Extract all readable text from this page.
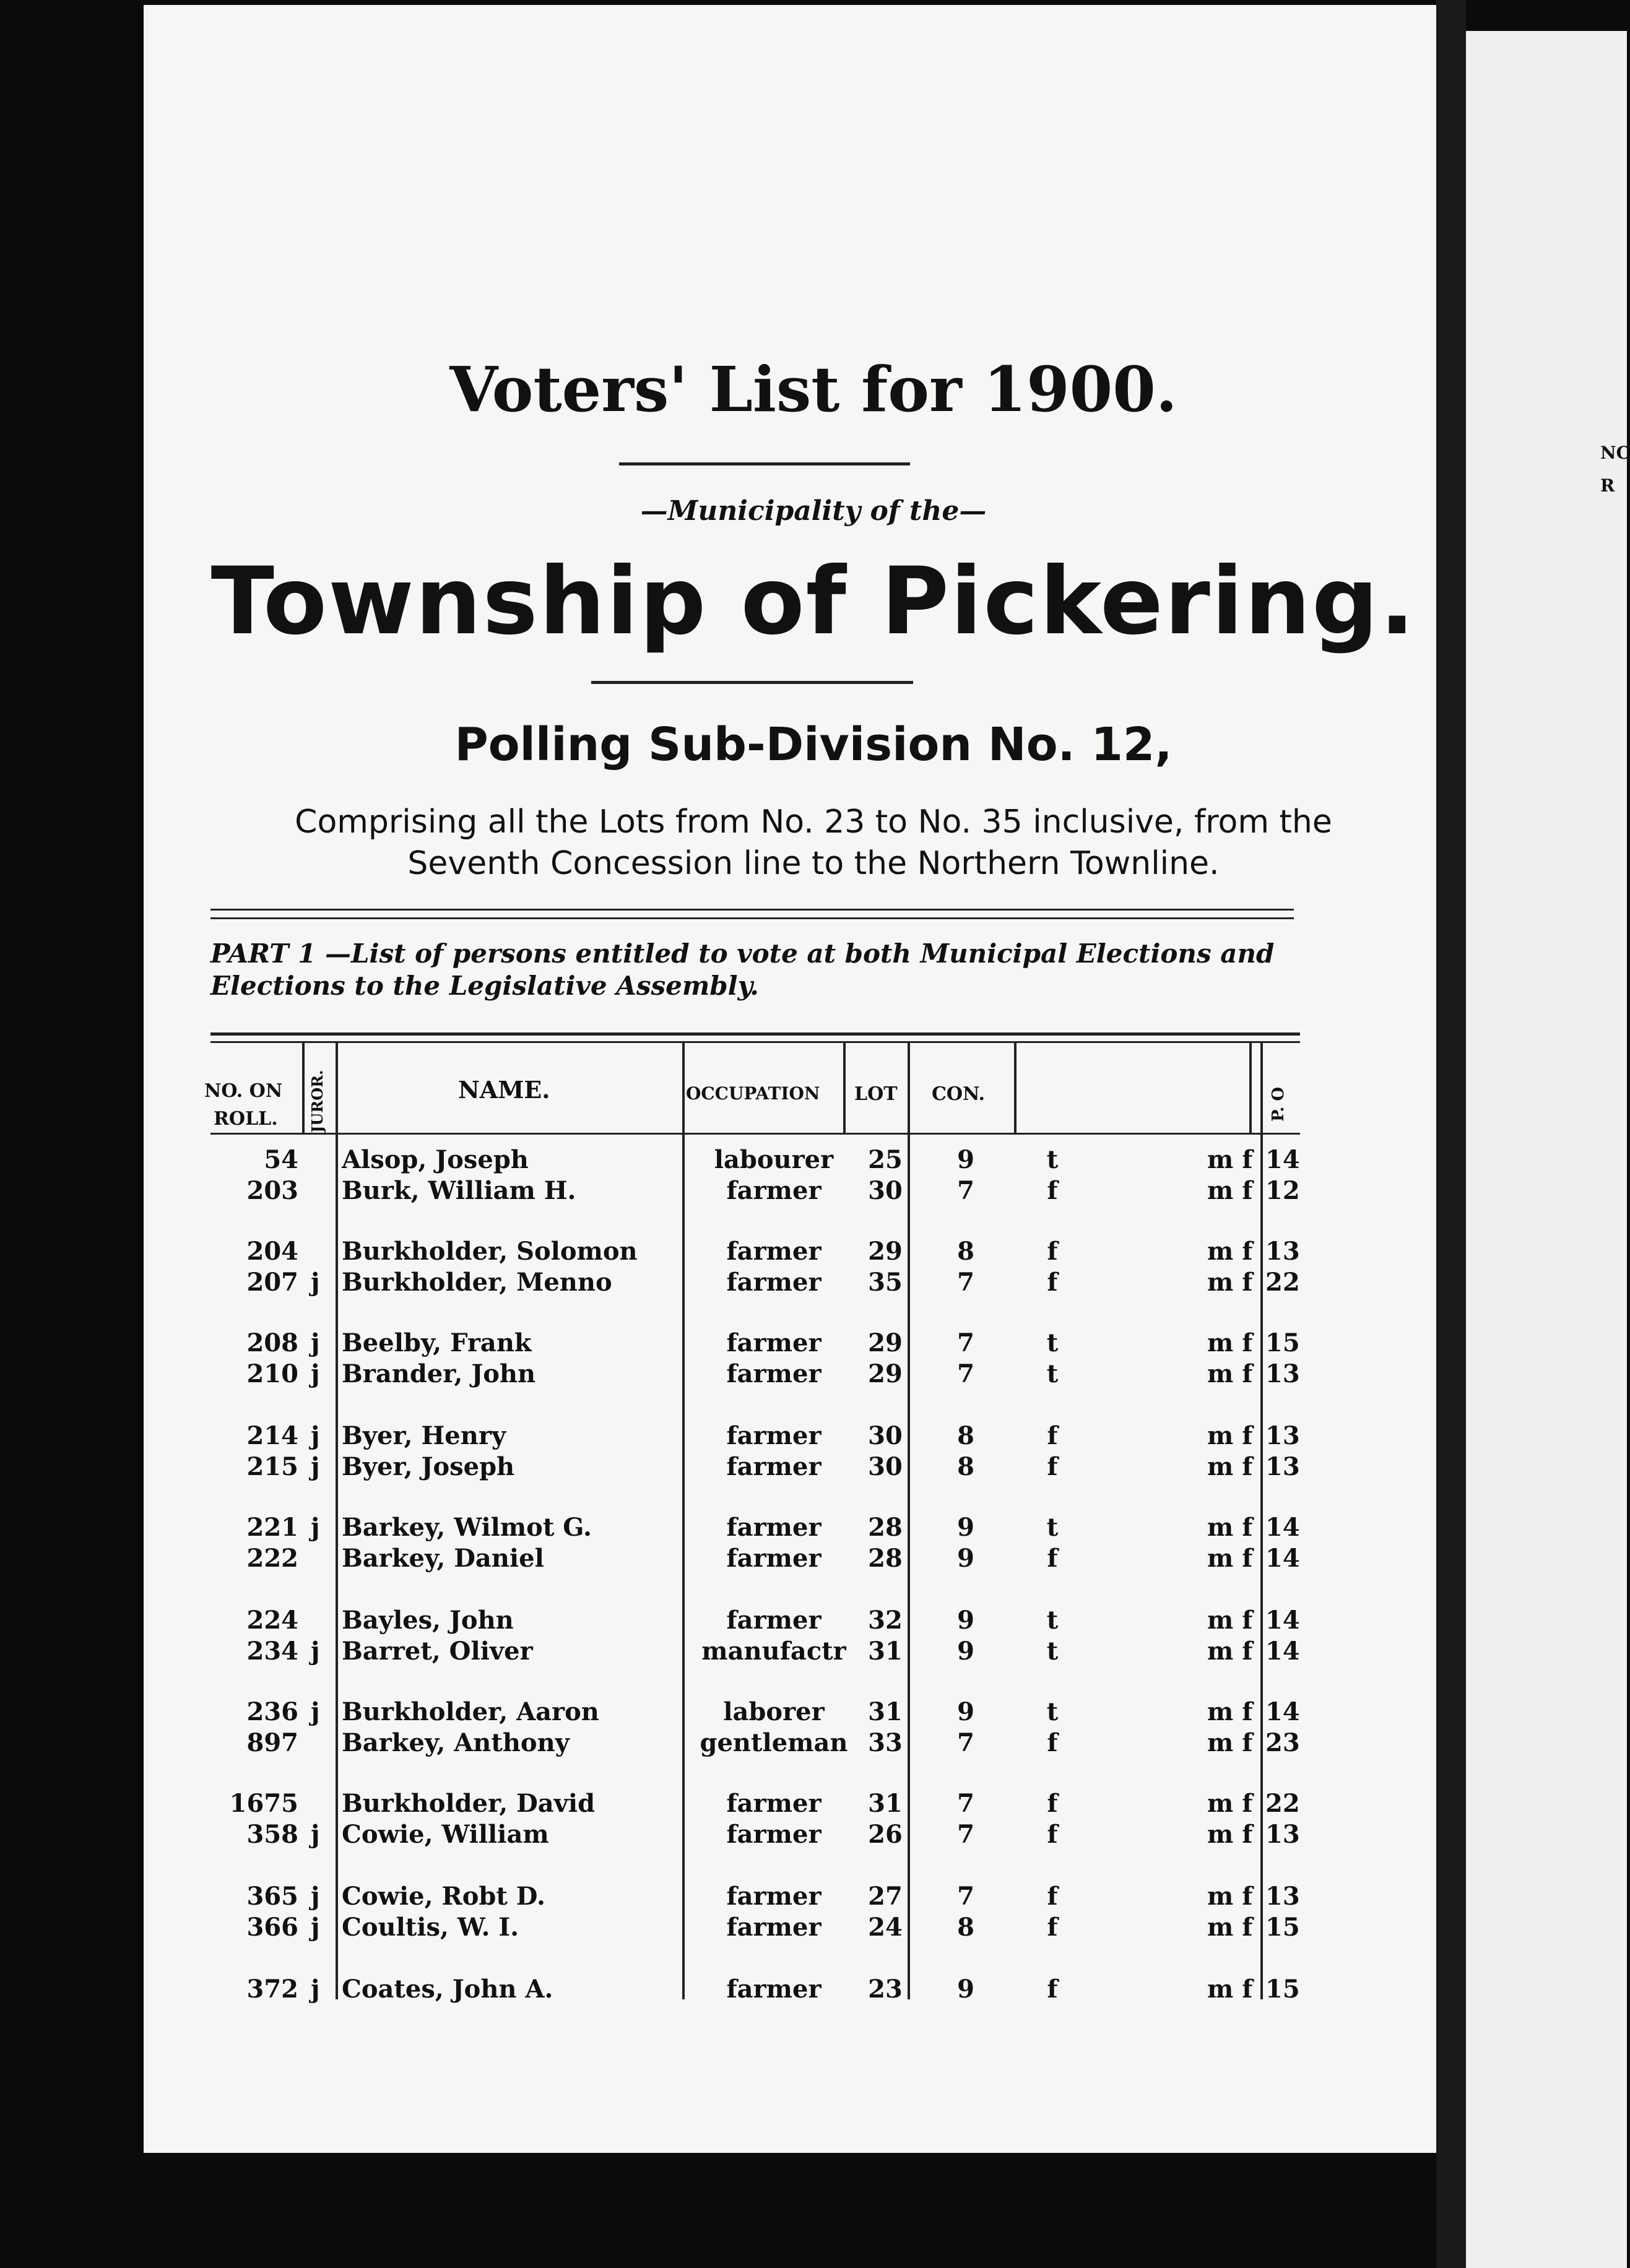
NC
R
Voters' List for 1900.
—Municipality of the—
Township of Pickering.
Polling Sub-Division No. 12,
Comprising all the Lots from No. 23 to No. 35 inclusive, from the
Seventh Concession line to the Northern Townline.
PART 1 —List of persons entitled to vote at both Municipal Elections and Elections to the Legislative Assembly.
NO. ON
ROLL. JUROR.	NAME.	OCCUPATION LOT CON.	P. O
54 Alsop, Joseph	labourer	25	9	t	m f 14
203 Burk, William H.	farmer	30	7	f	m f 12
204 Burkholder, Solomon	farmer	29	8	f	m f 13
207 j Burkholder, Menno	farmer	35	7	f	m f 22
208 j Beelby, Frank	farmer	29	7	t	m f 15
210 j Brander, John	farmer	29	7	t	m f 13
214 j Byer, Henry	farmer	30	8	f	m f 13
215 j Byer, Joseph	farmer	30	8	f	m f 13
221 j Barkey, Wilmot G.	farmer	28	9	t	m f 14
222 Barkey, Daniel	farmer	28	9	f	m f 14
224 Bayles, John	farmer	32	9	t	m f 14
234 j Barret, Oliver	manufactr 31	9	t	m f 14
236 j Burkholder, Aaron	laborer	31	9	t	m f 14
897 Barkey, Anthony	gentleman 33	7	f	m f 23
1675 Burkholder, David	farmer	31	7	f	m f 22
358 j Cowie, William	farmer	26	7	f	m f 13
365 j Cowie, Robt D.	farmer	27	7	f	m f 13
366 j Coultis, W. I.	farmer	24	8	f	m f 15
372 j Coates, John A.	farmer	23	9	f	m f 15
